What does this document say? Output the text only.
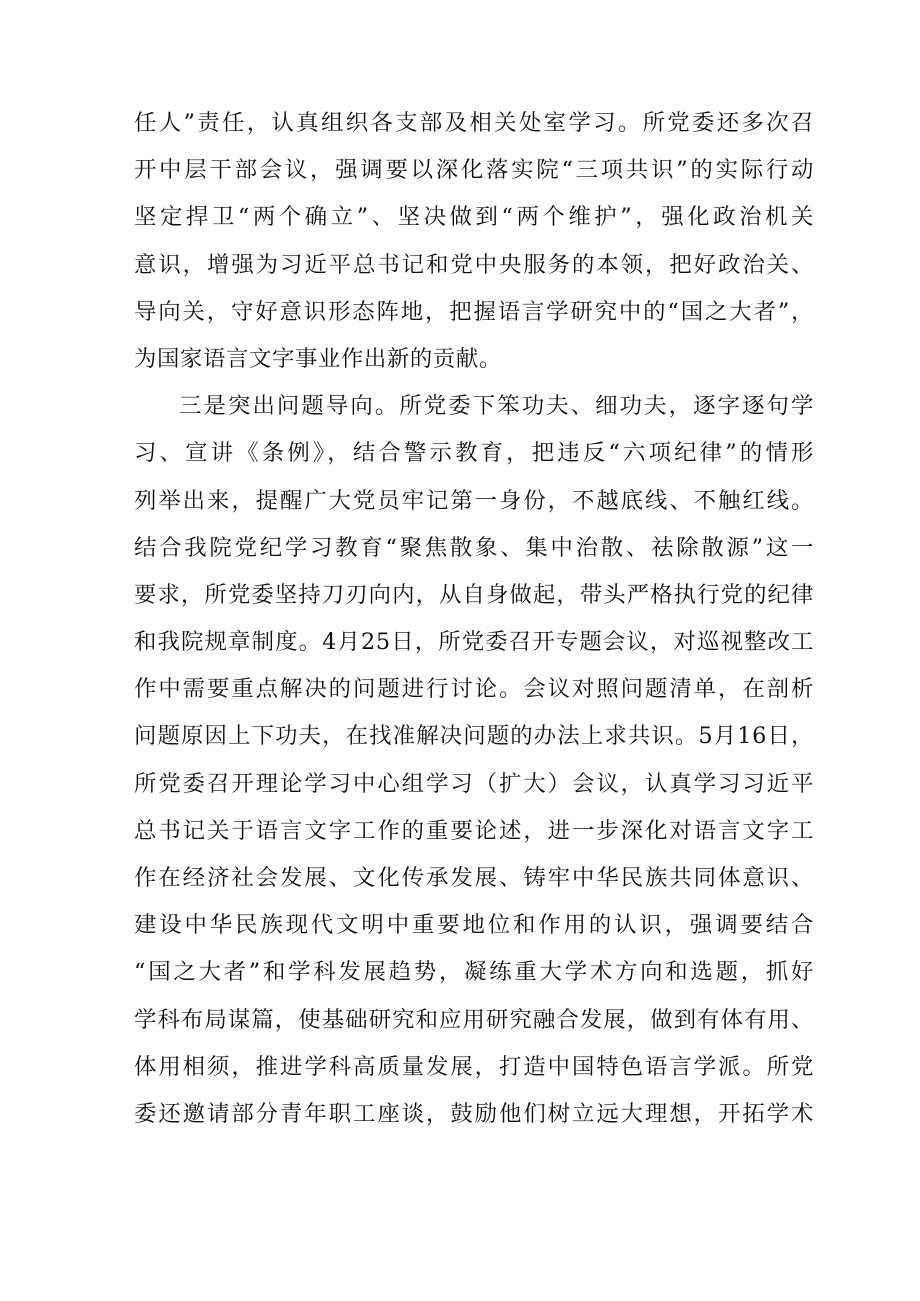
任人”责任，认真组织各支部及相关处室学习。所党委还多次召
开中层干部会议，强调要以深化落实院“三项共识”的实际行动
坚定捍卫“两个确立”、坚决做到“两个维护”，强化政治机关
意识，增强为习近平总书记和党中央服务的本领，把好政治关、
导向关，守好意识形态阵地，把握语言学研究中的“国之大者”，
为国家语言文字事业作出新的贡献。
三是突出问题导向。所党委下笨功夫、细功夫，逐字逐句学
习、宣讲《条例》，结合警示教育，把违反“六项纪律”的情形
列举出来，提醒广大党员牢记第一身份，不越底线、不触红线。
结合我院党纪学习教育“聚焦散象、集中治散、祛除散源”这一
要求，所党委坚持刀刃向内，从自身做起，带头严格执行党的纪律
和我院规章制度。4月25日，所党委召开专题会议，对巡视整改工
作中需要重点解决的问题进行讨论。会议对照问题清单，在剖析
问题原因上下功夫，在找准解决问题的办法上求共识。5月16日，
所党委召开理论学习中心组学习（扩大）会议，认真学习习近平
总书记关于语言文字工作的重要论述，进一步深化对语言文字工
作在经济社会发展、文化传承发展、铸牢中华民族共同体意识、
建设中华民族现代文明中重要地位和作用的认识，强调要结合
“国之大者”和学科发展趋势，凝练重大学术方向和选题，抓好
学科布局谋篇，使基础研究和应用研究融合发展，做到有体有用、
体用相须，推进学科高质量发展，打造中国特色语言学派。所党
委还邀请部分青年职工座谈，鼓励他们树立远大理想，开拓学术
